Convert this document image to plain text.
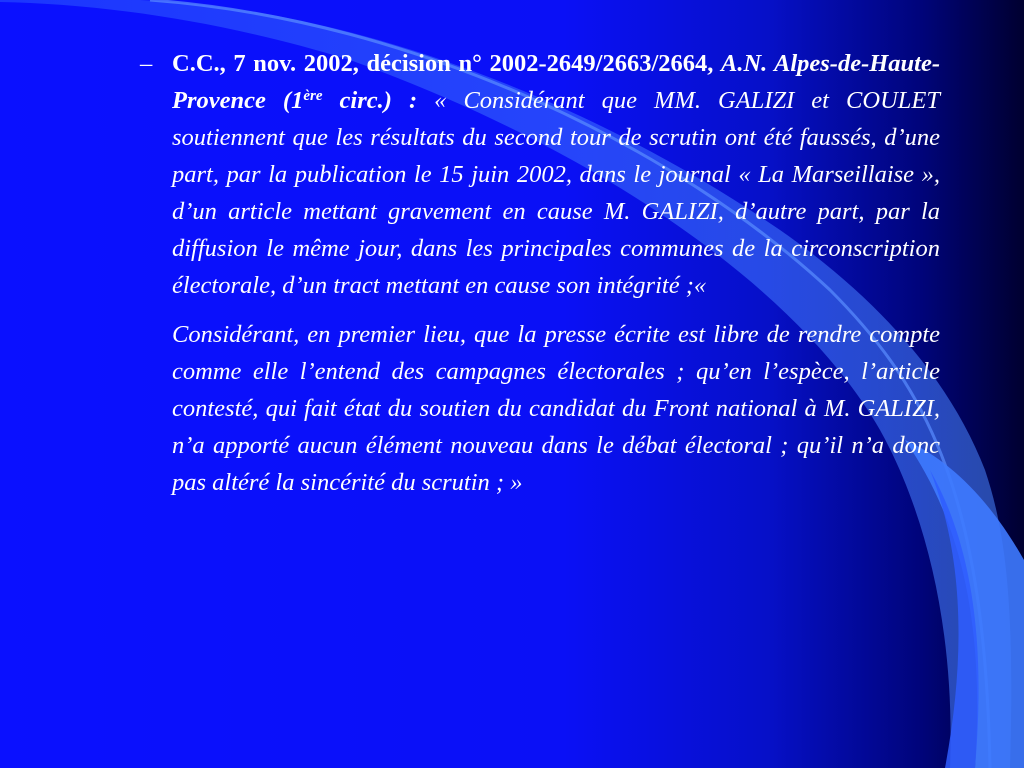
– C.C., 7 nov. 2002, décision n° 2002-2649/2663/2664, A.N. Alpes-de-Haute-Provence (1ère circ.) : « Considérant que MM. GALIZI et COULET soutiennent que les résultats du second tour de scrutin ont été faussés, d’une part, par la publication le 15 juin 2002, dans le journal « La Marseillaise », d’un article mettant gravement en cause M. GALIZI, d’autre part, par la diffusion le même jour, dans les principales communes de la circonscription électorale, d’un tract mettant en cause son intégrité ;«

Considérant, en premier lieu, que la presse écrite est libre de rendre compte comme elle l’entend des campagnes électorales ; qu’en l’espèce, l’article contesté, qui fait état du soutien du candidat du Front national à M. GALIZI, n’a apporté aucun élément nouveau dans le débat électoral ; qu’il n’a donc pas altéré la sincérité du scrutin ; »
